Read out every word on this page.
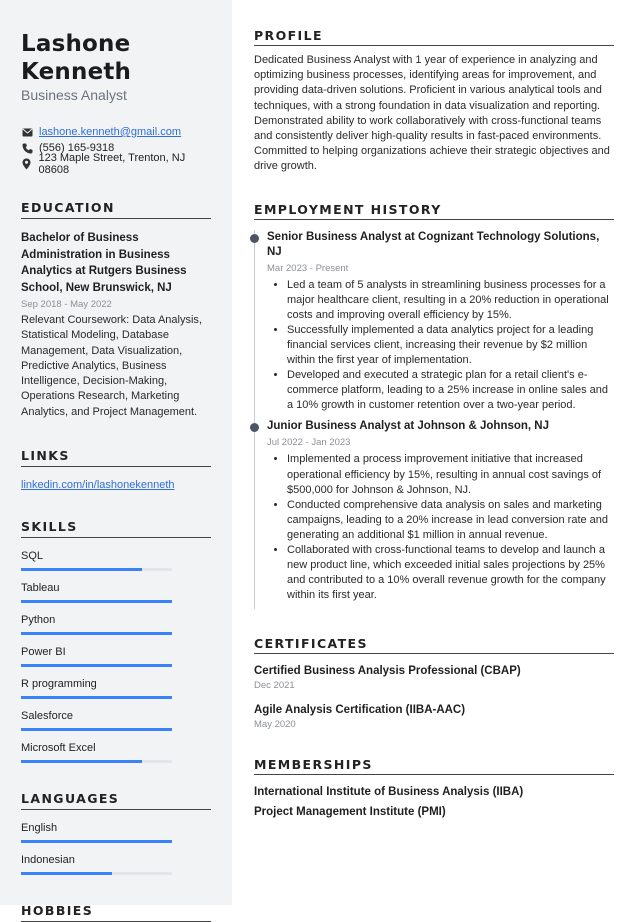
Lashone
Kenneth
Business Analyst
lashone.kenneth@gmail.com
(556) 165-9318
123 Maple Street, Trenton, NJ 08608
EDUCATION
Bachelor of Business Administration in Business Analytics at Rutgers Business School, New Brunswick, NJ
Sep 2018 - May 2022
Relevant Coursework: Data Analysis, Statistical Modeling, Database Management, Data Visualization, Predictive Analytics, Business Intelligence, Decision-Making, Operations Research, Marketing Analytics, and Project Management.
LINKS
linkedin.com/in/lashonekenneth
SKILLS
SQL
Tableau
Python
Power BI
R programming
Salesforce
Microsoft Excel
LANGUAGES
English
Indonesian
HOBBIES
PROFILE

Dedicated Business Analyst with 1 year of experience in analyzing and optimizing business processes, identifying areas for improvement, and providing data-driven solutions. Proficient in various analytical tools and techniques, with a strong foundation in data visualization and reporting. Demonstrated ability to work collaboratively with cross-functional teams and consistently deliver high-quality results in fast-paced environments. Committed to helping organizations achieve their strategic objectives and drive growth.

EMPLOYMENT HISTORY
Senior Business Analyst at Cognizant Technology Solutions, NJ
Mar 2023 - Present
• Led a team of 5 analysts in streamlining business processes for a major healthcare client, resulting in a 20% reduction in operational costs and improving overall efficiency by 15%.
• Successfully implemented a data analytics project for a leading financial services client, increasing their revenue by $2 million within the first year of implementation.
• Developed and executed a strategic plan for a retail client's e-commerce platform, leading to a 25% increase in online sales and a 10% growth in customer retention over a two-year period.
Junior Business Analyst at Johnson & Johnson, NJ
Jul 2022 - Jan 2023
• Implemented a process improvement initiative that increased operational efficiency by 15%, resulting in annual cost savings of $500,000 for Johnson & Johnson, NJ.
• Conducted comprehensive data analysis on sales and marketing campaigns, leading to a 20% increase in lead conversion rate and generating an additional $1 million in annual revenue.
• Collaborated with cross-functional teams to develop and launch a new product line, which exceeded initial sales projections by 25% and contributed to a 10% overall revenue growth for the company within its first year.
CERTIFICATES
Certified Business Analysis Professional (CBAP)
Dec 2021
Agile Analysis Certification (IIBA-AAC)
May 2020
MEMBERSHIPS
International Institute of Business Analysis (IIBA)
Project Management Institute (PMI)
